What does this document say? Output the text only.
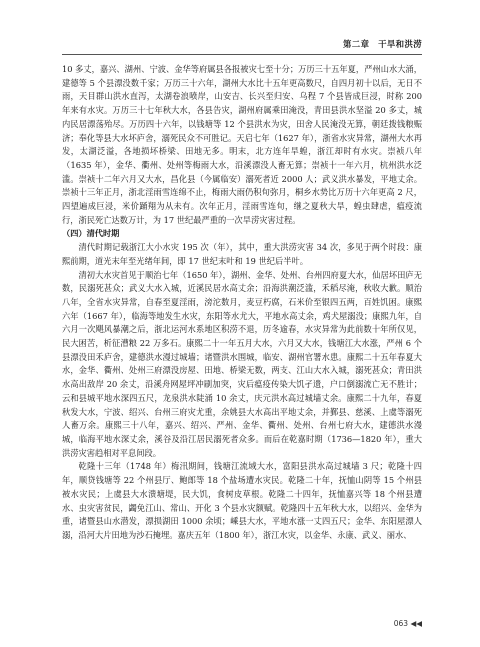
第二章　干旱和洪涝

10 多丈，嘉兴、湖州、宁波、金华等府属县各报被灾七至十分；万历三十五年夏，严州山水大涌，建德等 5 个县漂没数千家；万历三十六年，湖州大水比十五年更高数尺，自四月初十以后，无日不雨，天目群山洪水直泻，太湖卷浪喷岸，山安吉、长兴至归安、乌程 7 个县皆成巨浸，时称 200 年来有水灾。万历三十七年秋大水，各县告灾，湖州府属乘田淹没，青田县洪水坚溢 20 多丈，城内民居漂荡殆尽。万历四十六年，以钱塘等 12 个县洪水为灾，田舍人民淹没无算，朝廷拨钱粮赈济；奉化等县大水坏庐舍，溺死民众不可胜记。天启七年（1627 年），浙省水灾异常，湖州大水再发，太湖泛溢，各地损坏桥梁、田地无多。明末，北方连年旱蝗，浙江却时有水灾。崇祯八年（1635 年），金华、衢州、处州等梅雨大水，沿溪漂没人畜无算；崇祯十一年六月，杭州洪水泛滥。崇祯十二年六月又大水，昌化县（今属临安）溺死者近 2000 人；武义洪水暴发，平地丈余。崇祯十三年正月，浙北淫雨雪连绵不止，梅雨大雨仍积旬弥月，桐乡水势比万历十六年更高 2 尺，四望遍成巨浸，米价踊翔为从未有。次年正月，淫雨雪连旬，继之夏秋大旱，蝗虫肆虐，瘟疫流行，浙民死亡达数万计，为 17 世纪最严重的一次旱涝灾害过程。

（四）清代时期

清代时期记载浙江大小水灾 195 次（年），其中，重大洪涝灾害 34 次，多见于两个时段：康熙前期，道光末年至光绪年间，即 17 世纪末叶和 19 世纪后半叶。

清初大水灾首见于顺治七年（1650 年），湖州、金华、处州、台州四府夏大水，仙居坏田庐无数，民溺死甚众；武义大水入城，近溪民居水高丈余；沿海洪潮泛滥，禾稻尽淹，秋收大歉。顺治八年，全省水灾异常，自春至夏淫雨，滂沱数月，麦豆朽腐，石米价至银四五两，百姓饥困。康熙六年（1667 年），临海等地发生水灾，东阳等水尤大，平地水高丈余，鸡犬屋溺没；康熙九年，自六月一次飓风暴潮之后，浙北运河水系地区积涝不退，历冬逾春，水灾异常为此前数十年所仅见，民大困苦，析征漕粮 22 万多石。康熙二十一年五月大水，六月又大水，钱塘江大水涨，严州 6 个县漂没田禾庐舍，建德洪水漫过城墙；诸暨洪水围城，临安、湖州官署水患。康熙二十五年春夏大水，金华、衢州、处州三府漂没房屋、田地、桥梁无数，两支、江山大水入城，溺死甚众；青田洪水高出敌岸 20 余丈，沿溪舟网屋坪冲刷加突，灾后瘟疫传染大饥孑遗，户口倒溺流亡无不胜计；云和县城平地水深四五尺，龙泉洪水陡涌 10 余丈，庆元洪水高过城墙丈余。康熙二十九年，春夏秋发大水，宁波、绍兴、台州三府灾尤重，余姚县大水高出平地丈余，并鄞县、慈溪、上虞等溺死人畜万余。康熙三十八年，嘉兴、绍兴、严州、金华、衢州、处州、台州七府大水，建德洪水漫城，临海平地水深丈余，溪谷及沿江居民溺死者众多。而后在乾嘉时期（1736—1820 年），重大洪涝灾害趋相对平息间段。

乾隆十三年（1748 年）梅汛期间，钱塘江流域大水，富阳县洪水高过城墙 3 尺；乾隆十四年，顺贷钱塘等 22 个州县厅、鲍郎等 18 个盐场遭水灾民。乾隆二十年，抚恤山阴等 15 个州县被水灾民；上虞县大水溃塘堤，民大饥，食树皮草根。乾隆二十四年，抚恤嘉兴等 18 个州县遭水、虫灾害贫民，蠲免江山、常山、开化 3 个县水灾额赋。乾隆四十五年秋大水，以绍兴、金华为重，诸暨县山水潜发，漂损湖田 1000 余顷；嵊县大水，平地水涨一丈四五尺；金华、东阳屋漂人溺，沿河大片田地为沙石掩埋。嘉庆五年（1800 年），浙江水灾，以金华、永康、武义、丽水、

063 ◀◀
